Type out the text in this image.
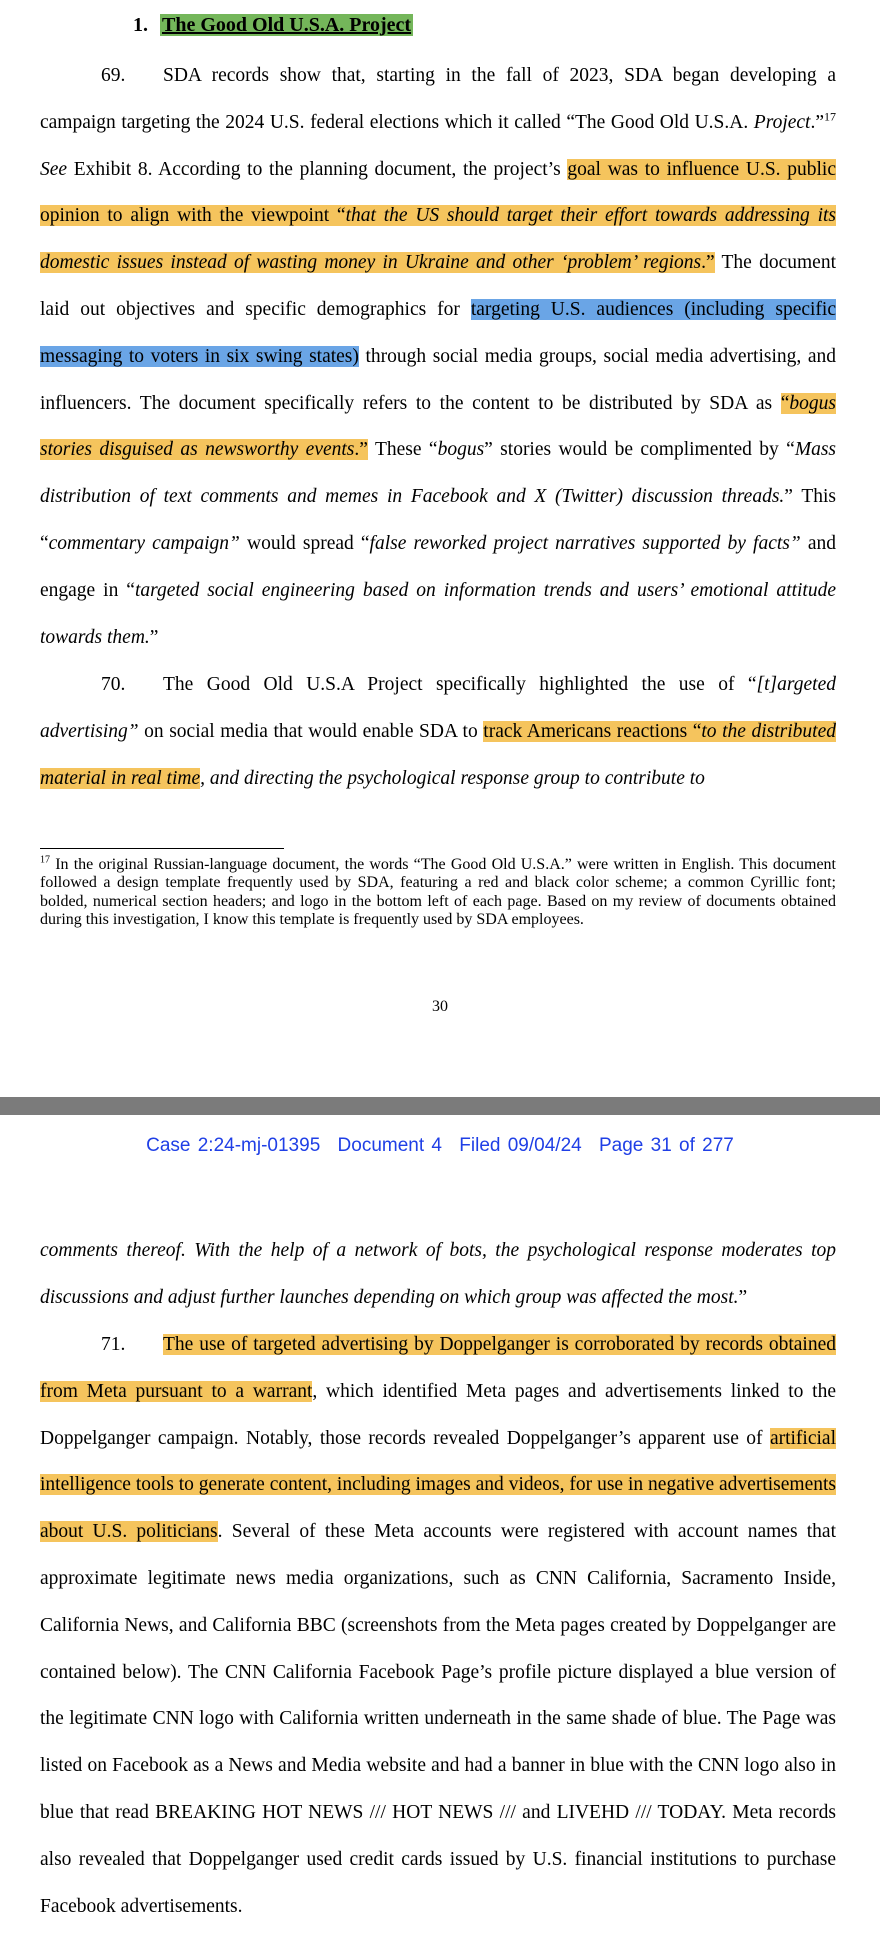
1. The Good Old U.S.A. Project

69. SDA records show that, starting in the fall of 2023, SDA began developing a campaign targeting the 2024 U.S. federal elections which it called “The Good Old U.S.A. Project.”$^{17}$ See Exhibit 8. According to the planning document, the project’s goal was to influence U.S. public opinion to align with the viewpoint “that the US should target their effort towards addressing its domestic issues instead of wasting money in Ukraine and other ‘problem’ regions.” The document laid out objectives and specific demographics for targeting U.S. audiences (including specific messaging to voters in six swing states) through social media groups, social media advertising, and influencers. The document specifically refers to the content to be distributed by SDA as “bogus stories disguised as newsworthy events.” These “bogus” stories would be complimented by “Mass distribution of text comments and memes in Facebook and X (Twitter) discussion threads.” This “commentary campaign” would spread “false reworked project narratives supported by facts” and engage in “targeted social engineering based on information trends and users’ emotional attitude towards them.”

70. The Good Old U.S.A Project specifically highlighted the use of “[t]argeted advertising” on social media that would enable SDA to track Americans reactions “to the distributed material in real time, and directing the psychological response group to contribute to

$^{17}$ In the original Russian-language document, the words “The Good Old U.S.A.” were written in English. This document followed a design template frequently used by SDA, featuring a red and black color scheme; a common Cyrillic font; bolded, numerical section headers; and logo in the bottom left of each page. Based on my review of documents obtained during this investigation, I know this template is frequently used by SDA employees.

30
Case 2:24-mj-01395 Document 4 Filed 09/04/24 Page 31 of 277

comments thereof. With the help of a network of bots, the psychological response moderates top discussions and adjust further launches depending on which group was affected the most.”

71. The use of targeted advertising by Doppelganger is corroborated by records obtained from Meta pursuant to a warrant, which identified Meta pages and advertisements linked to the Doppelganger campaign. Notably, those records revealed Doppelganger’s apparent use of artificial intelligence tools to generate content, including images and videos, for use in negative advertisements about U.S. politicians. Several of these Meta accounts were registered with account names that approximate legitimate news media organizations, such as CNN California, Sacramento Inside, California News, and California BBC (screenshots from the Meta pages created by Doppelganger are contained below). The CNN California Facebook Page’s profile picture displayed a blue version of the legitimate CNN logo with California written underneath in the same shade of blue. The Page was listed on Facebook as a News and Media website and had a banner in blue with the CNN logo also in blue that read BREAKING HOT NEWS /// HOT NEWS /// and LIVEHD /// TODAY. Meta records also revealed that Doppelganger used credit cards issued by U.S. financial institutions to purchase Facebook advertisements.
